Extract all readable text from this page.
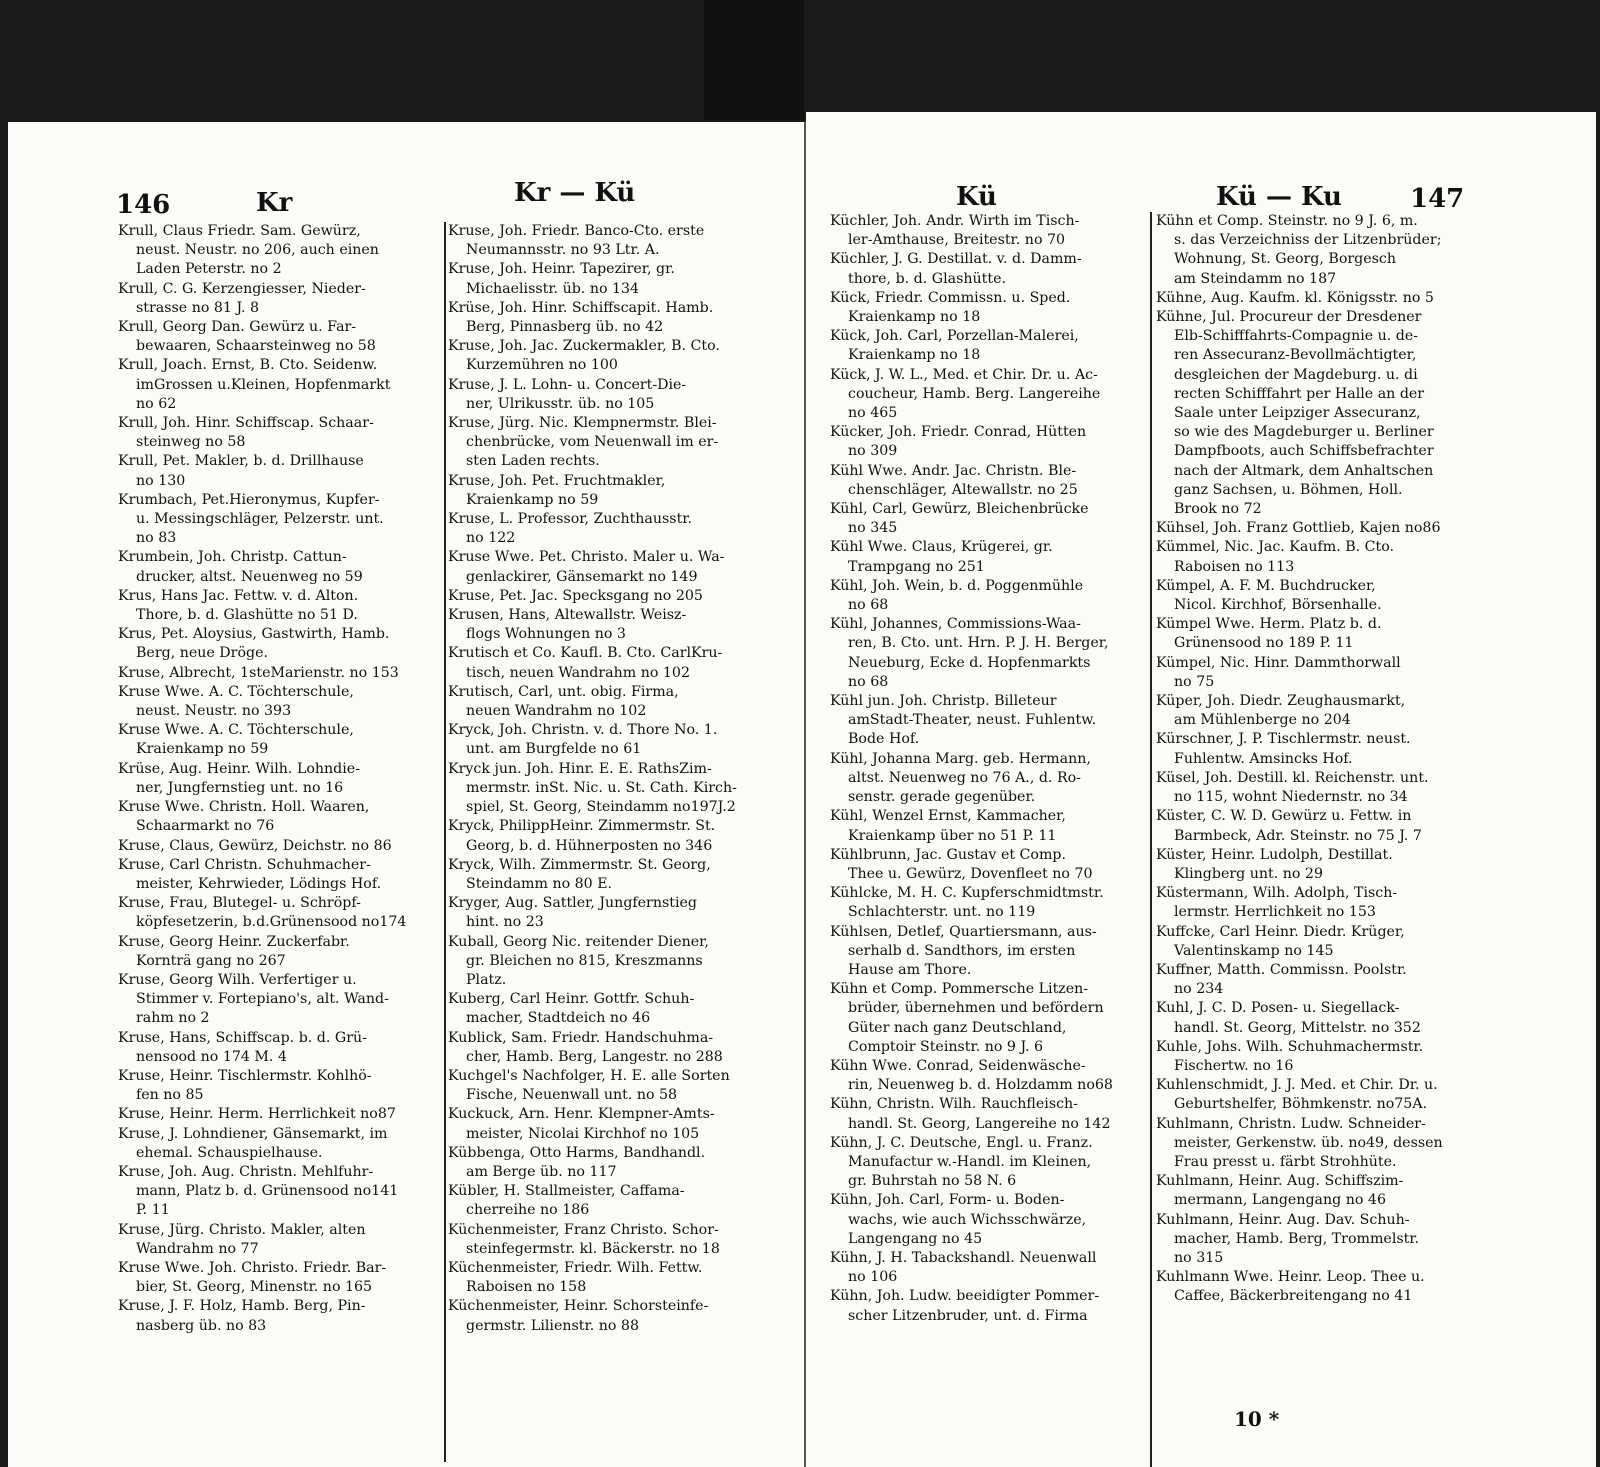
146	Kr	Kr — Kü
Krull, Claus Friedr. Sam. Gewürz,
neust. Neustr. no 206, auch einen
Laden Peterstr. no 2
Krull, C. G. Kerzengiesser, Nieder-
strasse no 81 J. 8
Krull, Georg Dan. Gewürz u. Far-
bewaaren, Schaarsteinweg no 58
Krull, Joach. Ernst, B. Cto. Seidenw.
imGrossen u.Kleinen, Hopfenmarkt
no 62
Krull, Joh. Hinr. Schiffscap. Schaar-
steinweg no 58
Krull, Pet. Makler, b. d. Drillhause
no 130
Krumbach, Pet.Hieronymus, Kupfer-
u. Messingschläger, Pelzerstr. unt.
no 83
Krumbein, Joh. Christp. Cattun-
drucker, altst. Neuenweg no 59
Krus, Hans Jac. Fettw. v. d. Alton.
Thore, b. d. Glashütte no 51 D.
Krus, Pet. Aloysius, Gastwirth, Hamb.
Berg, neue Dröge.
Kruse, Albrecht, 1steMarienstr. no 153
Kruse Wwe. A. C. Töchterschule,
neust. Neustr. no 393
Kruse Wwe. A. C. Töchterschule,
Kraienkamp no 59
Krüse, Aug. Heinr. Wilh. Lohndie-
ner, Jungfernstieg unt. no 16
Kruse Wwe. Christn. Holl. Waaren,
Schaarmarkt no 76
Kruse, Claus, Gewürz, Deichstr. no 86
Kruse, Carl Christn. Schuhmacher-
meister, Kehrwieder, Lödings Hof.
Kruse, Frau, Blutegel- u. Schröpf-
köpfesetzerin, b.d.Grünensood no174
Kruse, Georg Heinr. Zuckerfabr.
Kornträ gang no 267
Kruse, Georg Wilh. Verfertiger u.
Stimmer v. Fortepiano's, alt. Wand-
rahm no 2
Kruse, Hans, Schiffscap. b. d. Grü-
nensood no 174 M. 4
Kruse, Heinr. Tischlermstr. Kohlhö-
fen no 85
Kruse, Heinr. Herm. Herrlichkeit no87
Kruse, J. Lohndiener, Gänsemarkt, im
ehemal. Schauspielhause.
Kruse, Joh. Aug. Christn. Mehlfuhr-
mann, Platz b. d. Grünensood no141
P. 11
Kruse, Jürg. Christo. Makler, alten
Wandrahm no 77
Kruse Wwe. Joh. Christo. Friedr. Bar-
bier, St. Georg, Minenstr. no 165
Kruse, J. F. Holz, Hamb. Berg, Pin-
nasberg üb. no 83
Kruse, Joh. Friedr. Banco-Cto. erste
Neumannsstr. no 93 Ltr. A.
Kruse, Joh. Heinr. Tapezirer, gr.
Michaelisstr. üb. no 134
Krüse, Joh. Hinr. Schiffscapit. Hamb.
Berg, Pinnasberg üb. no 42
Kruse, Joh. Jac. Zuckermakler, B. Cto.
Kurzemühren no 100
Kruse, J. L. Lohn- u. Concert-Die-
ner, Ulrikusstr. üb. no 105
Kruse, Jürg. Nic. Klempnermstr. Blei-
chenbrücke, vom Neuenwall im er-
sten Laden rechts.
Kruse, Joh. Pet. Fruchtmakler,
Kraienkamp no 59
Kruse, L. Professor, Zuchthausstr.
no 122
Kruse Wwe. Pet. Christo. Maler u. Wa-
genlackirer, Gänsemarkt no 149
Kruse, Pet. Jac. Specksgang no 205
Krusen, Hans, Altewallstr. Weisz-
flogs Wohnungen no 3
Krutisch et Co. Kaufl. B. Cto. CarlKru-
tisch, neuen Wandrahm no 102
Krutisch, Carl, unt. obig. Firma,
neuen Wandrahm no 102
Kryck, Joh. Christn. v. d. Thore No. 1.
unt. am Burgfelde no 61
Kryck jun. Joh. Hinr. E. E. RathsZim-
mermstr. inSt. Nic. u. St. Cath. Kirch-
spiel, St. Georg, Steindamm no197J.2
Kryck, PhilippHeinr. Zimmermstr. St.
Georg, b. d. Hühnerposten no 346
Kryck, Wilh. Zimmermstr. St. Georg,
Steindamm no 80 E.
Kryger, Aug. Sattler, Jungfernstieg
hint. no 23
Kuball, Georg Nic. reitender Diener,
gr. Bleichen no 815, Kreszmanns
Platz.
Kuberg, Carl Heinr. Gottfr. Schuh-
macher, Stadtdeich no 46
Kublick, Sam. Friedr. Handschuhma-
cher, Hamb. Berg, Langestr. no 288
Kuchgel's Nachfolger, H. E. alle Sorten
Fische, Neuenwall unt. no 58
Kuckuck, Arn. Henr. Klempner-Amts-
meister, Nicolai Kirchhof no 105
Kübbenga, Otto Harms, Bandhandl.
am Berge üb. no 117
Kübler, H. Stallmeister, Caffama-
cherreihe no 186
Küchenmeister, Franz Christo. Schor-
steinfegermstr. kl. Bäckerstr. no 18
Küchenmeister, Friedr. Wilh. Fettw.
Raboisen no 158
Küchenmeister, Heinr. Schorsteinfe-
germstr. Lilienstr. no 88
Kü	Kü — Ku	147
Küchler, Joh. Andr. Wirth im Tisch-
ler-Amthause, Breitestr. no 70
Küchler, J. G. Destillat. v. d. Damm-
thore, b. d. Glashütte.
Kück, Friedr. Commissn. u. Sped.
Kraienkamp no 18
Kück, Joh. Carl, Porzellan-Malerei,
Kraienkamp no 18
Kück, J. W. L., Med. et Chir. Dr. u. Ac-
coucheur, Hamb. Berg. Langereihe
no 465
Kücker, Joh. Friedr. Conrad, Hütten
no 309
Kühl Wwe. Andr. Jac. Christn. Ble-
chenschläger, Altewallstr. no 25
Kühl, Carl, Gewürz, Bleichenbrücke
no 345
Kühl Wwe. Claus, Krügerei, gr.
Trampgang no 251
Kühl, Joh. Wein, b. d. Poggenmühle
no 68
Kühl, Johannes, Commissions-Waa-
ren, B. Cto. unt. Hrn. P. J. H. Berger,
Neueburg, Ecke d. Hopfenmarkts
no 68
Kühl jun. Joh. Christp. Billeteur
amStadt-Theater, neust. Fuhlentw.
Bode Hof.
Kühl, Johanna Marg. geb. Hermann,
altst. Neuenweg no 76 A., d. Ro-
senstr. gerade gegenüber.
Kühl, Wenzel Ernst, Kammacher,
Kraienkamp über no 51 P. 11
Kühlbrunn, Jac. Gustav et Comp.
Thee u. Gewürz, Dovenfleet no 70
Kühlcke, M. H. C. Kupferschmidtmstr.
Schlachterstr. unt. no 119
Kühlsen, Detlef, Quartiersmann, aus-
serhalb d. Sandthors, im ersten
Hause am Thore.
Kühn et Comp. Pommersche Litzen-
brüder, übernehmen und befördern
Güter nach ganz Deutschland,
Comptoir Steinstr. no 9 J. 6
Kühn Wwe. Conrad, Seidenwäsche-
rin, Neuenweg b. d. Holzdamm no68
Kühn, Christn. Wilh. Rauchfleisch-
handl. St. Georg, Langereihe no 142
Kühn, J. C. Deutsche, Engl. u. Franz.
Manufactur w.-Handl. im Kleinen,
gr. Buhrstah no 58 N. 6
Kühn, Joh. Carl, Form- u. Boden-
wachs, wie auch Wichsschwärze,
Langengang no 45
Kühn, J. H. Tabackshandl. Neuenwall
no 106
Kühn, Joh. Ludw. beeidigter Pommer-
scher Litzenbruder, unt. d. Firma
Kühn et Comp. Steinstr. no 9 J. 6, m.
s. das Verzeichniss der Litzenbrüder;
Wohnung, St. Georg, Borgesch
am Steindamm no 187
Kühne, Aug. Kaufm. kl. Königsstr. no 5
Kühne, Jul. Procureur der Dresdener
Elb-Schifffahrts-Compagnie u. de-
ren Assecuranz-Bevollmächtigter,
desgleichen der Magdeburg. u. di
recten Schifffahrt per Halle an der
Saale unter Leipziger Assecuranz,
so wie des Magdeburger u. Berliner
Dampfboots, auch Schiffsbefrachter
nach der Altmark, dem Anhaltschen
ganz Sachsen, u. Böhmen, Holl.
Brook no 72
Kühsel, Joh. Franz Gottlieb, Kajen no86
Kümmel, Nic. Jac. Kaufm. B. Cto.
Raboisen no 113
Kümpel, A. F. M. Buchdrucker,
Nicol. Kirchhof, Börsenhalle.
Kümpel Wwe. Herm. Platz b. d.
Grünensood no 189 P. 11
Kümpel, Nic. Hinr. Dammthorwall
no 75
Küper, Joh. Diedr. Zeughausmarkt,
am Mühlenberge no 204
Kürschner, J. P. Tischlermstr. neust.
Fuhlentw. Amsincks Hof.
Küsel, Joh. Destill. kl. Reichenstr. unt.
no 115, wohnt Niedernstr. no 34
Küster, C. W. D. Gewürz u. Fettw. in
Barmbeck, Adr. Steinstr. no 75 J. 7
Küster, Heinr. Ludolph, Destillat.
Klingberg unt. no 29
Küstermann, Wilh. Adolph, Tisch-
lermstr. Herrlichkeit no 153
Kuffcke, Carl Heinr. Diedr. Krüger,
Valentinskamp no 145
Kuffner, Matth. Commissn. Poolstr.
no 234
Kuhl, J. C. D. Posen- u. Siegellack-
handl. St. Georg, Mittelstr. no 352
Kuhle, Johs. Wilh. Schuhmachermstr.
Fischertw. no 16
Kuhlenschmidt, J. J. Med. et Chir. Dr. u.
Geburtshelfer, Böhmkenstr. no75A.
Kuhlmann, Christn. Ludw. Schneider-
meister, Gerkenstw. üb. no49, dessen
Frau presst u. färbt Strohhüte.
Kuhlmann, Heinr. Aug. Schiffszim-
mermann, Langengang no 46
Kuhlmann, Heinr. Aug. Dav. Schuh-
macher, Hamb. Berg, Trommelstr.
no 315
Kuhlmann Wwe. Heinr. Leop. Thee u.
Caffee, Bäckerbreitengang no 41
10 *
